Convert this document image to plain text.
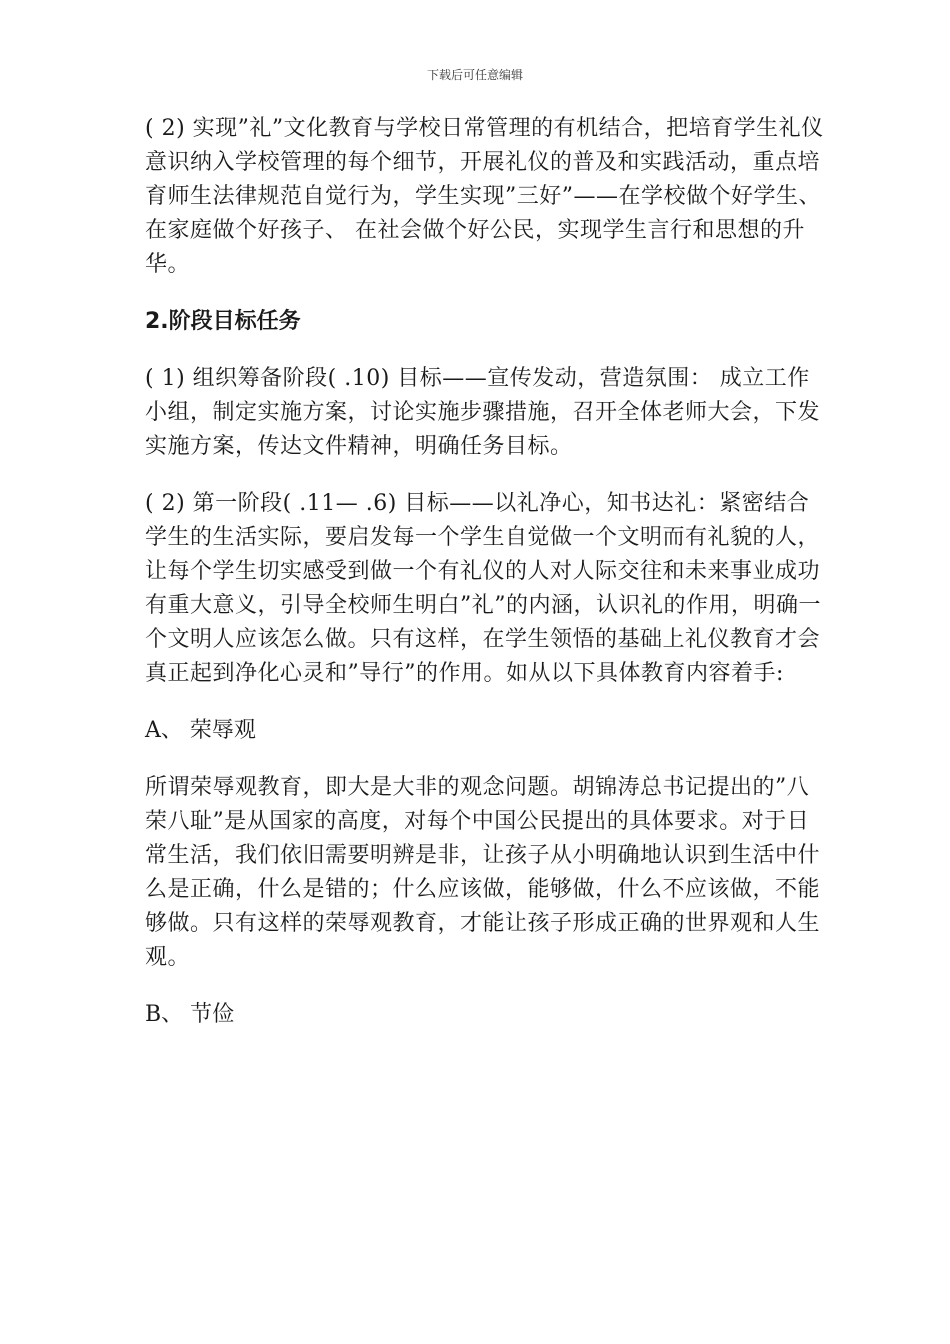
下载后可任意编辑

( 2) 实现”礼”文化教育与学校日常管理的有机结合，把培育学生礼仪意识纳入学校管理的每个细节，开展礼仪的普及和实践活动，重点培育师生法律规范自觉行为，学生实现”三好”——在学校做个好学生、 在家庭做个好孩子、 在社会做个好公民，实现学生言行和思想的升华。

2.阶段目标任务

( 1) 组织筹备阶段( .10) 目标——宣传发动，营造氛围： 成立工作小组，制定实施方案，讨论实施步骤措施，召开全体老师大会，下发实施方案，传达文件精神，明确任务目标。

( 2) 第一阶段( .11— .6) 目标——以礼净心，知书达礼：紧密结合学生的生活实际，要启发每一个学生自觉做一个文明而有礼貌的人，让每个学生切实感受到做一个有礼仪的人对人际交往和未来事业成功有重大意义，引导全校师生明白”礼”的内涵，认识礼的作用，明确一个文明人应该怎么做。只有这样，在学生领悟的基础上礼仪教育才会真正起到净化心灵和”导行”的作用。如从以下具体教育内容着手:

A、 荣辱观

所谓荣辱观教育，即大是大非的观念问题。胡锦涛总书记提出的”八荣八耻”是从国家的高度，对每个中国公民提出的具体要求。对于日常生活，我们依旧需要明辨是非，让孩子从小明确地认识到生活中什么是正确，什么是错的；什么应该做，能够做，什么不应该做，不能够做。只有这样的荣辱观教育，才能让孩子形成正确的世界观和人生观。

B、 节俭
